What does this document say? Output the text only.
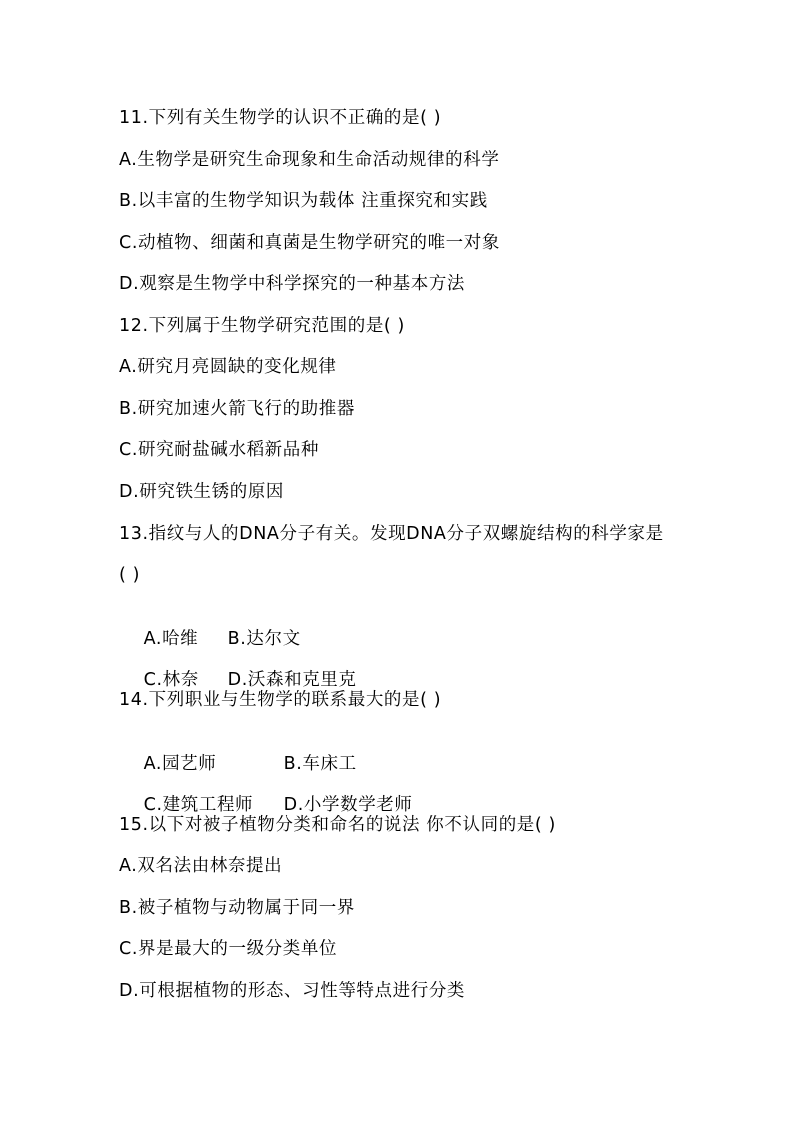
11.下列有关生物学的认识不正确的是( )
A.生物学是研究生命现象和生命活动规律的科学
B.以丰富的生物学知识为载体 注重探究和实践
C.动植物、细菌和真菌是生物学研究的唯一对象
D.观察是生物学中科学探究的一种基本方法
12.下列属于生物学研究范围的是( )
A.研究月亮圆缺的变化规律
B.研究加速火箭飞行的助推器
C.研究耐盐碱水稻新品种
D.研究铁生锈的原因
13.指纹与人的DNA分子有关。发现DNA分子双螺旋结构的科学家是
( )

A.哈维 B.达尔文

C.林奈 D.沃森和克里克

14.下列职业与生物学的联系最大的是( )

A.园艺师	B.车床工

C.建筑工程师 D.小学数学老师

15.以下对被子植物分类和命名的说法 你不认同的是( )
A.双名法由林奈提出
B.被子植物与动物属于同一界
C.界是最大的一级分类单位
D.可根据植物的形态、习性等特点进行分类
